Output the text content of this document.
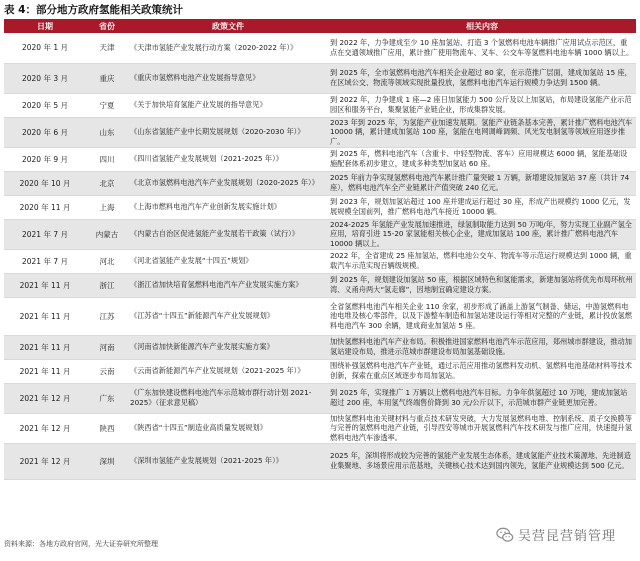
表 4：部分地方政府氢能相关政策统计
日期	省份	政策文件	相关内容
2020 年 1 月	天津	《天津市氢能产业发展行动方案（2020-2022 年）》	到 2022 年，力争建成至少 10 座加氢站、打造 3 个氢燃料电池车辆推广应用试点示范区，重点在交通领域推广应用，累计推广使用物流车、叉车、公交车等氢燃料电池车辆 1000 辆以上。
2020 年 3 月	重庆	《重庆市氢燃料电池产业发展指导意见》	到 2025 年，全市氢燃料电池汽车相关企业超过 80 家，在示范推广层面，建成加氢站 15 座，在区域公交、物流等领域实现批量投放，氢燃料电池汽车运行规模力争达到 1500 辆。
2020 年 5 月	宁夏	《关于加快培育氢能产业发展的指导意见》	到 2022 年，力争建成 1 座—2 座日加氢能力 500 公斤及以上加氢站，布局建设氢能产业示范园区和服务平台，集聚氢能产业链企业，形成集群发展。
2020 年 6 月	山东	《山东省氢能产业中长期发展规划（2020-2030 年）》	2023 年到 2025 年，为氢能产业加速发展期。氢能产业链条基本完善，累计推广燃料电池汽车 10000 辆，累计建成加氢站 100 座，氢能在电网调峰调频、风光发电制氢等领域应用逐步推广。
2020 年 9 月	四川	《四川省氢能产业发展规划（2021-2025 年）》	到 2025 年，燃料电池汽车（含重卡、中轻型物流、客车）应用规模达 6000 辆，氢能基础设施配套体系初步建立，建成多种类型加氢站 60 座。
2020 年 10 月	北京	《北京市氢燃料电池汽车产业发展规划（2020-2025 年）》	2025 年前力争实现氢燃料电池汽车累计推广量突破 1 万辆，新增建设加氢站 37 座（共计 74 座），燃料电池汽车全产业链累计产值突破 240 亿元。
2020 年 11 月	上海	《上海市燃料电池汽车产业创新发展实施计划》	到 2023 年，规划加氢站超过 100 座并建成运行超过 30 座，形成产出规模约 1000 亿元，发展规模全国前列，推广燃料电池汽车接近 10000 辆。
2021 年 7 月	内蒙古	《内蒙古自治区促进氢能产业发展若干政策（试行）》	2024-2025 年氢能产业发展加速推进，绿氢制取能力达到 50 万吨/年，努力实现工业副产氢全应用，培育引进 15-20 家氢能相关核心企业，建成加氢站 100 座，累计推广燃料电池汽车 10000 辆以上。
2021 年 7 月	河北	《河北省氢能产业发展“十四五”规划》	2022 年，全省建成 25 座加氢站，燃料电池公交车、物流车等示范运行规模达到 1000 辆，重载汽车示范实现百辆级规模。
2021 年 11 月	浙江	《浙江省加快培育氢燃料电池汽车产业发展实施方案》	到 2025 年，规划建设加氢站 50 座，根据区域特色和氢能需求，新建加氢站将优先布局环杭州湾、义甬舟两大“氢走廊”，因地制宜确定建设方案。
2021 年 11 月	江苏	《江苏省“十四五”新能源汽车产业发展规划》	全省氢燃料电池汽车相关企业 110 余家，初步形成了涵盖上游氢气制备、储运，中游氢燃料电池电堆及核心零部件，以及下游整车制造和加氢站建设运行等相对完整的产业链，累计投放氢燃料电池汽车 300 余辆，建成商业加氢站 5 座。
2021 年 11 月	河南	《河南省加快新能源汽车产业发展实施方案》	加快氢燃料电池汽车产业布局。积极推进国家燃料电池汽车示范应用，郑州城市群建设，推动加氢站建设布局，推进示范城市群建设布局加氢基础设施。
2021 年 11 月	云南	《云南省新能源汽车产业发展规划（2021-2025 年）》	围绕补强氢燃料电池汽车产业链，通过示范应用推动氢燃料发动机、氢燃料电池基础材料等技术创新，探索在重点区域逐步布局加氢站。
2021 年 12 月	广东	《广东加快建设燃料电池汽车示范城市群行动计划 2021-2025》（征求意见稿）	到 2025 年，实现推广 1 万辆以上燃料电池汽车目标。力争年供氢超过 10 万吨，建成加氢站超过 200 座，车用氢气终端售价降到 30 元/公斤以下，示范城市群产业链更加完善。
2021 年 12 月	陕西	《陕西省“十四五”制造业高质量发展规划》	加快氢燃料电池关键材料与重点技术研发突破，大力发展氢燃料电堆、控制系统、质子交换膜等与完善的氢燃料电池产业链，引导西安等城市开展氢燃料汽车技术研发与推广应用，快速提升氢燃料电池汽车渗透率。
2021 年 12 月	深圳	《深圳市氢能产业发展规划（2021-2025 年）》	2025 年，深圳将形成较为完善的氢能产业发展生态体系，建成氢能产业技术策源地、先进制造业集聚地、多场景应用示范基地，关键核心技术达到国内领先，氢能产业规模达到 500 亿元。
资料来源：各地方政府官网，光大证券研究所整理	吴营昆营销管理
